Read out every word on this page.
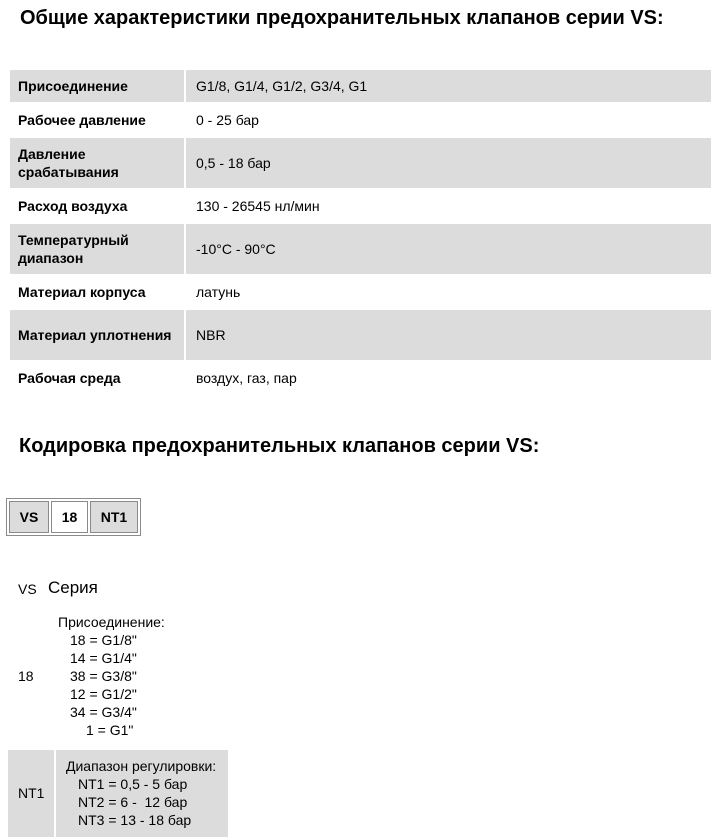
Общие характеристики предохранительных клапанов серии VS:
Присоединение	G1/8, G1/4, G1/2, G3/4, G1
Рабочее давление	0 - 25 бар
Давление срабатывания	0,5 - 18 бар
Расход воздуха	130 - 26545 нл/мин
Температурный диапазон	-10°C - 90°C
Материал корпуса	латунь
Материал уплотнения	NBR
Рабочая среда	воздух, газ, пар
Кодировка предохранительных клапанов серии VS:
VS	18	NT1
VS Серия
18
Присоединение:
18 = G1/8"
14 = G1/4"
38 = G3/8"
12 = G1/2"
34 = G3/4"
1 = G1"
NT1
Диапазон регулировки:
NT1 = 0,5 - 5 бар
NT2 = 6 -  12 бар
NT3 = 13 - 18 бар
